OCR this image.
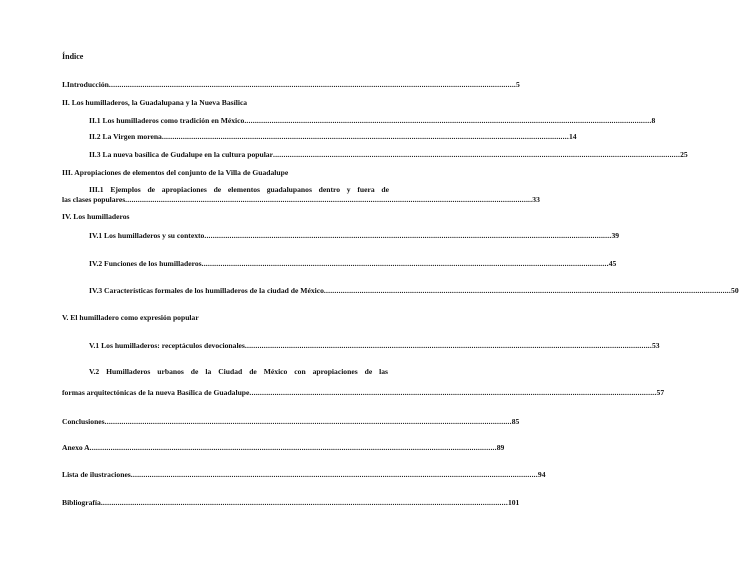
Índice
I.Introducción .................................................................................................................................................................................................. 5
II. Los humilladeros, la Guadalupana y la Nueva Basílica
II.1 Los humilladeros como tradición en México .................................................................................................................................................................................................. 8
II.2 La Virgen morena .................................................................................................................................................................................................. 14
II.3 La nueva basílica de Gudalupe en la cultura popular .................................................................................................................................................................................................. 25
III. Apropiaciones de elementos del conjunto de la Villa de Guadalupe
III.1 Ejemplos de apropiaciones de elementos guadalupanos dentro y fuera de
las clases populares .................................................................................................................................................................................................. 33
IV. Los humilladeros
IV.1 Los humilladeros y su contexto .................................................................................................................................................................................................. 39
IV.2 Funciones de los humilladeros .................................................................................................................................................................................................. 45
IV.3 Características formales de los humilladeros de la ciudad de México .................................................................................................................................................................................................. 50
V. El humilladero como expresión popular
V.1 Los humilladeros: receptáculos devocionales .................................................................................................................................................................................................. 53
V.2 Humilladeros urbanos de la Ciudad de México con apropiaciones de las
formas arquitectónicas de la nueva Basílica de Guadalupe .................................................................................................................................................................................................. 57
Conclusiones .................................................................................................................................................................................................. 85
Anexo A .................................................................................................................................................................................................. 89
Lista de ilustraciones .................................................................................................................................................................................................. 94
Bibliografía .................................................................................................................................................................................................. 101
